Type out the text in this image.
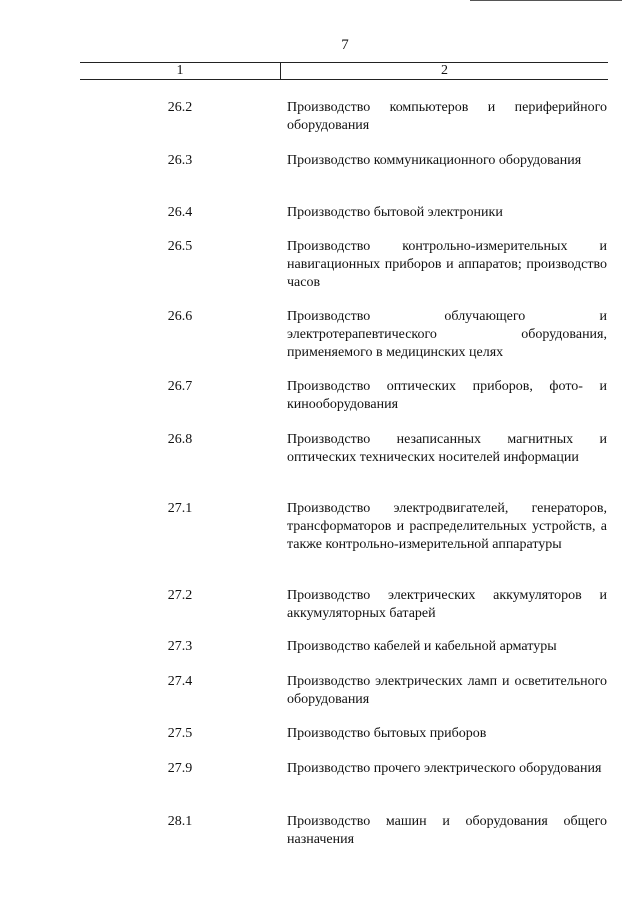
7
1	2
26.2	Производство компьютеров и периферийного оборудования
26.3	Производство коммуникационного оборудования
26.4	Производство бытовой электроники
26.5	Производство контрольно-измерительных и навигационных приборов и аппаратов; производство часов
26.6	Производство облучающего и электротерапевтического оборудования, применяемого в медицинских целях
26.7	Производство оптических приборов, фото- и кинооборудования
26.8	Производство незаписанных магнитных и оптических технических носителей информации
27.1	Производство электродвигателей, генераторов, трансформаторов и распределительных устройств, а также контрольно-измерительной аппаратуры
27.2	Производство электрических аккумуляторов и аккумуляторных батарей
27.3	Производство кабелей и кабельной арматуры
27.4	Производство электрических ламп и осветительного оборудования
27.5	Производство бытовых приборов
27.9	Производство прочего электрического оборудования
28.1	Производство машин и оборудования общего назначения
